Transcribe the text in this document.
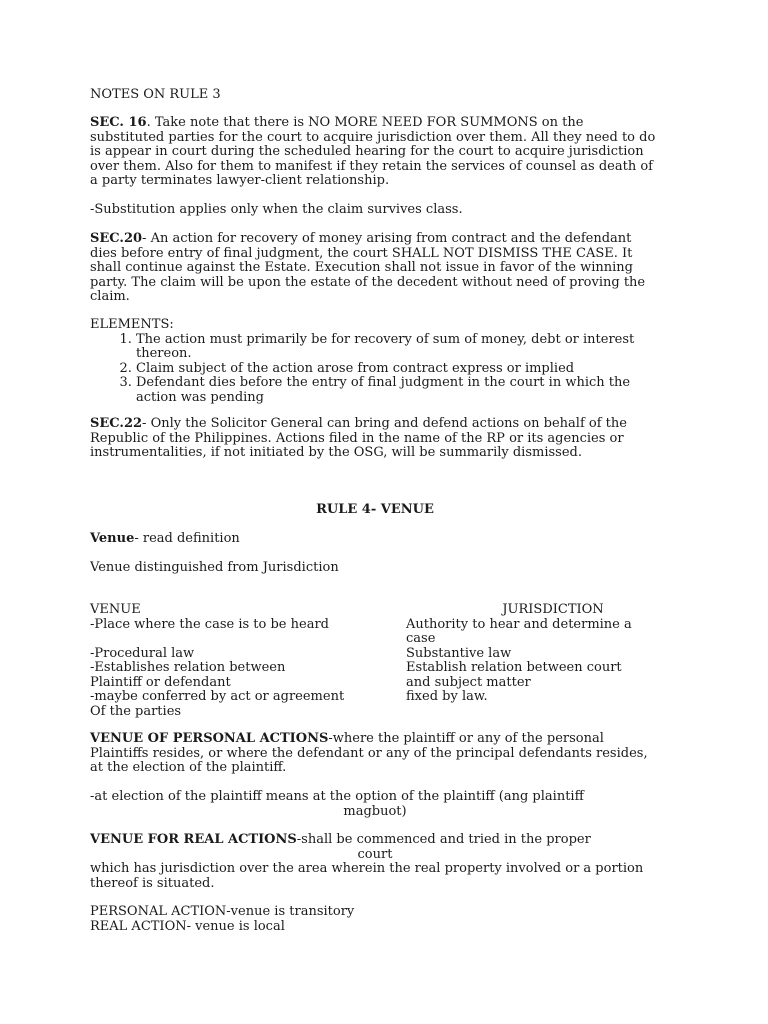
NOTES ON RULE 3

SEC. 16. Take note that there is NO MORE NEED FOR SUMMONS on the substituted parties for the court to acquire jurisdiction over them. All they need to do is appear in court during the scheduled hearing for the court to acquire jurisdiction over them. Also for them to manifest if they retain the services of counsel as death of a party terminates lawyer-client relationship.

-Substitution applies only when the claim survives class.

SEC.20- An action for recovery of money arising from contract and the defendant dies before entry of final judgment, the court SHALL NOT DISMISS THE CASE. It shall continue against the Estate. Execution shall not issue in favor of the winning party. The claim will be upon the estate of the decedent without need of proving the claim.

ELEMENTS:
1. The action must primarily be for recovery of sum of money, debt or interest thereon.
2. Claim subject of the action arose from contract express or implied
3. Defendant dies before the entry of final judgment in the court in which the action was pending

SEC.22- Only the Solicitor General can bring and defend actions on behalf of the Republic of the Philippines. Actions filed in the name of the RP or its agencies or instrumentalities, if not initiated by the OSG, will be summarily dismissed.

RULE 4- VENUE

Venue- read definition

Venue distinguished from Jurisdiction

VENUE	JURISDICTION
-Place where the case is to be heard
-Procedural law
-Establishes relation between
Plaintiff or defendant
-maybe conferred by act or agreement
Of the parties
Authority to hear and determine a
case
Substantive law
Establish relation between court
and subject matter
fixed by law.

VENUE OF PERSONAL ACTIONS-where the plaintiff or any of the personal Plaintiffs resides, or where the defendant or any of the principal defendants resides, at the election of the plaintiff.

-at election of the plaintiff means at the option of the plaintiff (ang plaintiff
magbuot)
VENUE FOR REAL ACTIONS-shall be commenced and tried in the proper
court
which has jurisdiction over the area wherein the real property involved or a portion thereof is situated.
PERSONAL ACTION-venue is transitory
REAL ACTION- venue is local
